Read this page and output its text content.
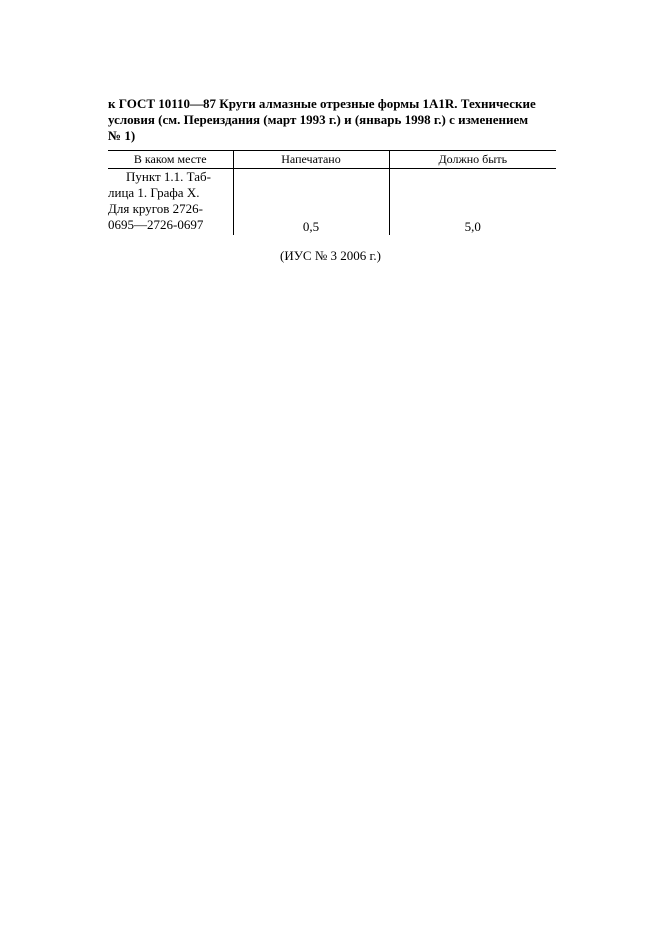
к ГОСТ 10110—87 Круги алмазные отрезные формы 1A1R. Технические
условия (см. Переиздания (март 1993 г.) и (январь 1998 г.) с изменением
№ 1)
В каком месте	Напечатано	Должно быть

Пункт 1.1. Таб-
лица 1. Графа X.
Для кругов 2726-
0695—2726-0697	0,5	5,0
(ИУС № 3 2006 г.)
